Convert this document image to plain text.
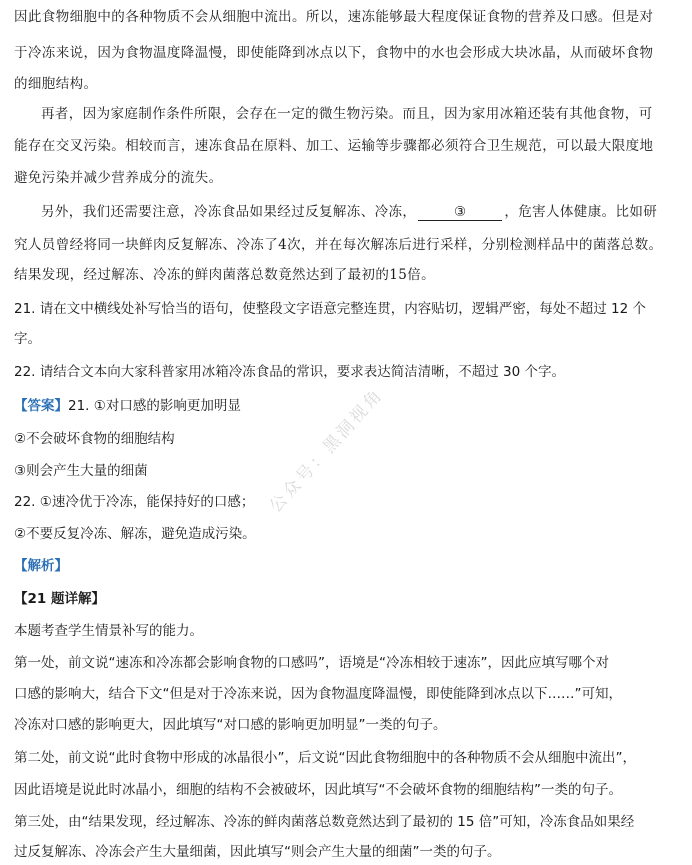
因此食物细胞中的各种物质不会从细胞中流出。所以，速冻能够最大程度保证食物的营养及口感。但是对
于冷冻来说，因为食物温度降温慢，即使能降到冰点以下，食物中的水也会形成大块冰晶，从而破坏食物
的细胞结构。
再者，因为家庭制作条件所限，会存在一定的微生物污染。而且，因为家用冰箱还装有其他食物，可
能存在交叉污染。相较而言，速冻食品在原料、加工、运输等步骤都必须符合卫生规范，可以最大限度地
避免污染并减少营养成分的流失。
另外，我们还需要注意，冷冻食品如果经过反复解冻、冷冻，	③	，危害人体健康。比如研
究人员曾经将同一块鲜肉反复解冻、冷冻了4次，并在每次解冻后进行采样，分别检测样品中的菌落总数。
结果发现，经过解冻、冷冻的鲜肉菌落总数竟然达到了最初的15倍。
21. 请在文中横线处补写恰当的语句，使整段文字语意完整连贯，内容贴切，逻辑严密，每处不超过 12 个
字。
22. 请结合文本向大家科普家用冰箱冷冻食品的常识，要求表达简洁清晰，不超过 30 个字。
【答案】21. ①对口感的影响更加明显
②不会破坏食物的细胞结构
③则会产生大量的细菌
22. ①速冷优于冷冻，能保持好的口感；
②不要反复冷冻、解冻，避免造成污染。
【解析】
【21 题详解】
本题考查学生情景补写的能力。
第一处，前文说“速冻和冷冻都会影响食物的口感吗”，语境是“冷冻相较于速冻”，因此应填写哪个对
口感的影响大，结合下文“但是对于冷冻来说，因为食物温度降温慢，即使能降到冰点以下……”可知，
冷冻对口感的影响更大，因此填写“对口感的影响更加明显”一类的句子。
第二处，前文说“此时食物中形成的冰晶很小”，后文说“因此食物细胞中的各种物质不会从细胞中流出”，
因此语境是说此时冰晶小，细胞的结构不会被破坏，因此填写“不会破坏食物的细胞结构”一类的句子。
第三处，由“结果发现，经过解冻、冷冻的鲜肉菌落总数竟然达到了最初的 15 倍”可知，冷冻食品如果经
过反复解冻、冷冻会产生大量细菌，因此填写“则会产生大量的细菌”一类的句子。
公众号：黑洞视角
